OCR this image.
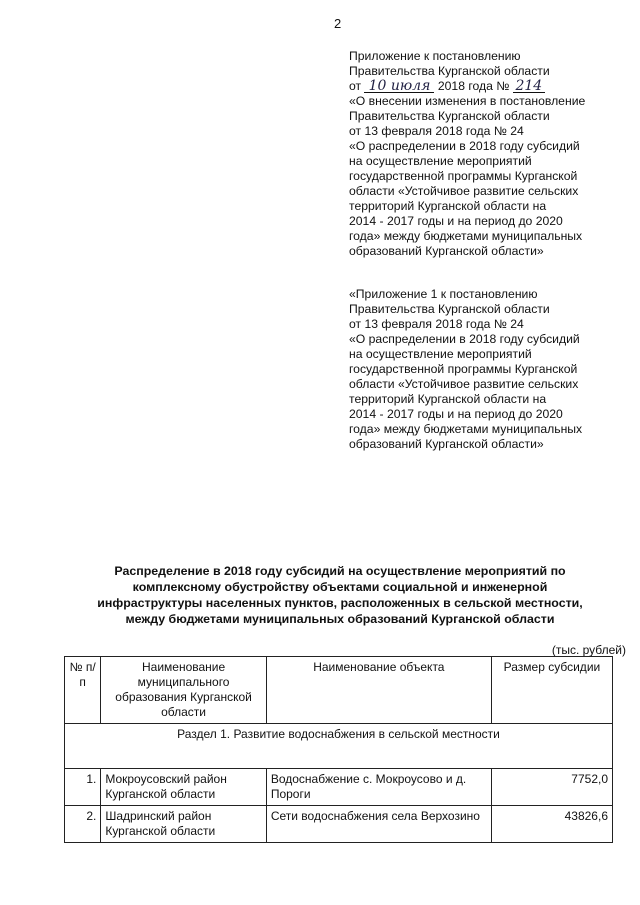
2
Приложение к постановлению
Правительства Курганской области
от 10 июля 2018 года № 214
«О внесении изменения в постановление
Правительства Курганской области
от 13 февраля 2018 года № 24
«О распределении в 2018 году субсидий
на осуществление мероприятий
государственной программы Курганской
области «Устойчивое развитие сельских
территорий Курганской области на
2014 - 2017 годы и на период до 2020
года» между бюджетами муниципальных
образований Курганской области»
«Приложение 1 к постановлению
Правительства Курганской области
от 13 февраля 2018 года № 24
«О распределении в 2018 году субсидий
на осуществление мероприятий
государственной программы Курганской
области «Устойчивое развитие сельских
территорий Курганской области на
2014 - 2017 годы и на период до 2020
года» между бюджетами муниципальных
образований Курганской области»
Распределение в 2018 году субсидий на осуществление мероприятий по
комплексному обустройству объектами социальной и инженерной
инфраструктуры населенных пунктов, расположенных в сельской местности,
между бюджетами муниципальных образований Курганской области
(тыс. рублей)
№ п/п	Наименование муниципального образования Курганской области	Наименование объекта	Размер субсидии
Раздел 1. Развитие водоснабжения в сельской местности			
1.	Мокроусовский район Курганской области	Водоснабжение с. Мокроусово и д. Пороги	7752,0
2.	Шадринский район Курганской области	Сети водоснабжения села Верхозино	43826,6
